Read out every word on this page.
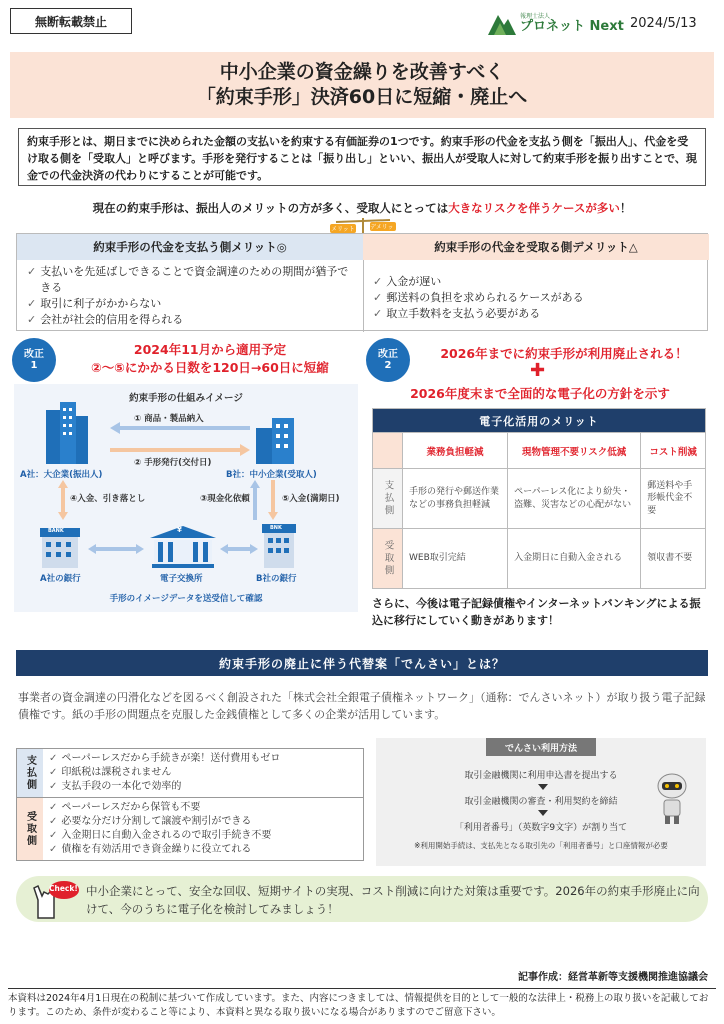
無断転載禁止	報理士法人
プロネット Next 2024/5/13
中小企業の資金繰りを改善すべく
「約束手形」決済60日に短縮・廃止へ
約束手形とは、期日までに決められた金額の支払いを約束する有価証券の1つです。約束手形の代金を支払う側を「振出人」、代金を受け取る側を「受取人」と呼びます。手形を発行することは「振り出し」といい、振出人が受取人に対して約束手形を振り出すことで、現金での代金決済の代わりにすることが可能です。
現在の約束手形は、振出人のメリットの方が多く、受取人にとっては大きなリスクを伴うケースが多い！
メリット	デメリッ
約束手形の代金を支払う側メリット◎	約束手形の代金を受取る側デメリット△
✓ 支払いを先延ばしできることで資金調達のための期間が猶予できる
✓ 取引に利子がかからない
✓ 会社が社会的信用を得られる
✓ 入金が遅い
✓ 郵送料の負担を求められるケースがある
✓ 取立手数料を支払う必要がある
改正
1
2024年11月から適用予定
②〜⑤にかかる日数を120日→60日に短縮
約束手形の仕組みイメージ
A社：大企業(振出人)	B社：中小企業(受取人)
① 商品・製品納入
② 手形発行(交付日)
④入金、引き落とし	③現金化依頼	⑤入金(満期日)
BANK
A社の銀行
¥
電子交換所
BNK
B社の銀行
手形のイメージデータを送受信して確認
改正
2
2026年までに約束手形が利用廃止される！
✚
2026年度末まで全面的な電子化の方針を示す
電子化活用のメリット			
	業務負担軽減	現物管理不要リスク低減	コスト削減
支払側	手形の発行や郵送作業などの事務負担軽減	ペーパーレス化により紛失・盗難、災害などの心配がない	郵送料や手形帳代金不要
受取側	WEB取引完結	入金期日に自動入金される	領収書不要
さらに、今後は電子記録債権やインターネットバンキングによる振込に移行にしていく動きがあります！
約束手形の廃止に伴う代替案「でんさい」とは？
事業者の資金調達の円滑化などを図るべく創設された「株式会社全銀電子債権ネットワーク」（通称：でんさいネット）が取り扱う電子記録債権です。紙の手形の問題点を克服した金銭債権として多くの企業が活用しています。
支払側	✓ ペーパーレスだから手続きが楽！送付費用もゼロ
✓ 印紙税は課税されません
✓ 支払手段の一本化で効率的
受取側
✓ ペーパーレスだから保管も不要
✓ 必要な分だけ分割して譲渡や割引ができる
✓ 入金期日に自動入金されるので取引手続き不要
✓ 債権を有効活用でき資金繰りに役立てれる
でんさい利用方法
取引金融機関に利用申込書を提出する
取引金融機関の審査・利用契約を締結
「利用者番号」（英数字9文字）が割り当て
※利用開始手続は、支払先となる取引先の「利用者番号」と口座情報が必要
Check! 中小企業にとって、安全な回収、短期サイトの実現、コスト削減に向けた対策は重要です。2026年の約束手形廃止に向けて、今のうちに電子化を検討してみましょう！
記事作成：経営革新等支援機関推進協議会
本資料は2024年4月1日現在の税制に基づいて作成しています。また、内容につきましては、情報提供を目的として一般的な法律上・税務上の取り扱いを記載しております。このため、条件が変わること等により、本資料と異なる取り扱いになる場合がありますのでご留意下さい。
